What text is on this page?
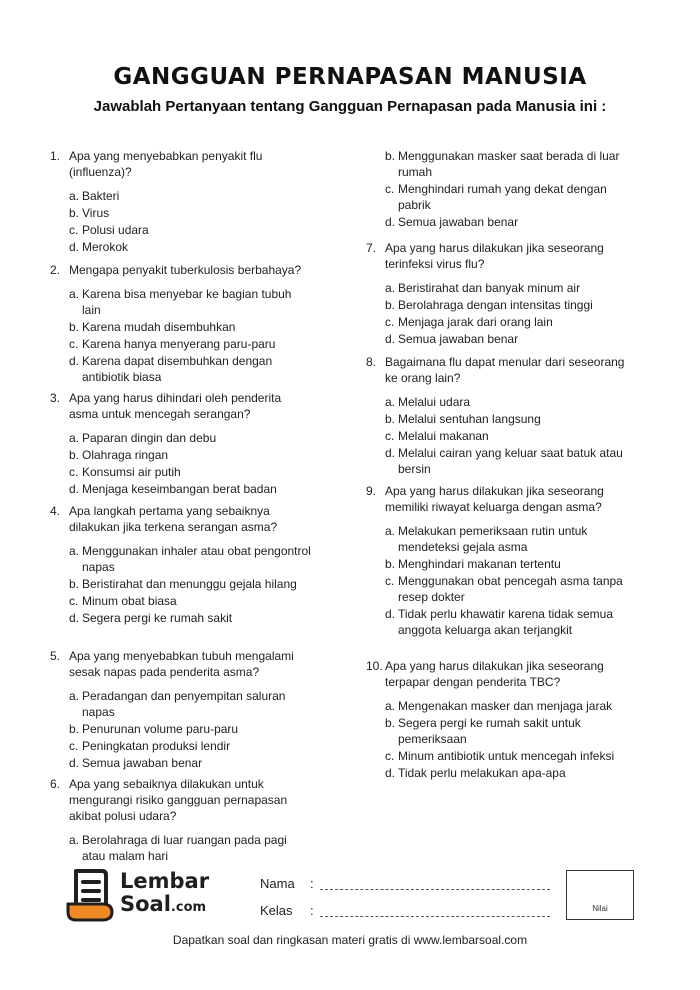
GANGGUAN PERNAPASAN MANUSIA
Jawablah Pertanyaan tentang Gangguan Pernapasan pada Manusia ini :
1. Apa yang menyebabkan penyakit flu (influenza)?
a. Bakteri
b. Virus
c. Polusi udara
d. Merokok
2. Mengapa penyakit tuberkulosis berbahaya?
a. Karena bisa menyebar ke bagian tubuh lain
b. Karena mudah disembuhkan
c. Karena hanya menyerang paru-paru
d. Karena dapat disembuhkan dengan antibiotik biasa
3. Apa yang harus dihindari oleh penderita asma untuk mencegah serangan?
a. Paparan dingin dan debu
b. Olahraga ringan
c. Konsumsi air putih
d. Menjaga keseimbangan berat badan
4. Apa langkah pertama yang sebaiknya dilakukan jika terkena serangan asma?
a. Menggunakan inhaler atau obat pengontrol napas
b. Beristirahat dan menunggu gejala hilang
c. Minum obat biasa
d. Segera pergi ke rumah sakit
5. Apa yang menyebabkan tubuh mengalami sesak napas pada penderita asma?
a. Peradangan dan penyempitan saluran napas
b. Penurunan volume paru-paru
c. Peningkatan produksi lendir
d. Semua jawaban benar
6. Apa yang sebaiknya dilakukan untuk mengurangi risiko gangguan pernapasan akibat polusi udara?
a. Berolahraga di luar ruangan pada pagi atau malam hari
7. Apa yang harus dilakukan jika seseorang terinfeksi virus flu?
a. Beristirahat dan banyak minum air
b. Berolahraga dengan intensitas tinggi
c. Menjaga jarak dari orang lain
d. Semua jawaban benar
8. Bagaimana flu dapat menular dari seseorang ke orang lain?
a. Melalui udara
b. Melalui sentuhan langsung
c. Melalui makanan
d. Melalui cairan yang keluar saat batuk atau bersin
9. Apa yang harus dilakukan jika seseorang memiliki riwayat keluarga dengan asma?
a. Melakukan pemeriksaan rutin untuk mendeteksi gejala asma
b. Menghindari makanan tertentu
c. Menggunakan obat pencegah asma tanpa resep dokter
d. Tidak perlu khawatir karena tidak semua anggota keluarga akan terjangkit
10. Apa yang harus dilakukan jika seseorang terpapar dengan penderita TBC?
a. Mengenakan masker dan menjaga jarak
b. Segera pergi ke rumah sakit untuk pemeriksaan
c. Minum antibiotik untuk mencegah infeksi
d. Tidak perlu melakukan apa-apa
b. Menggunakan masker saat berada di luar rumah
c. Menghindari rumah yang dekat dengan pabrik
d. Semua jawaban benar
Lembar
Soal.com
Nama :
Kelas :	Nilai
Dapatkan soal dan ringkasan materi gratis di www.lembarsoal.com
